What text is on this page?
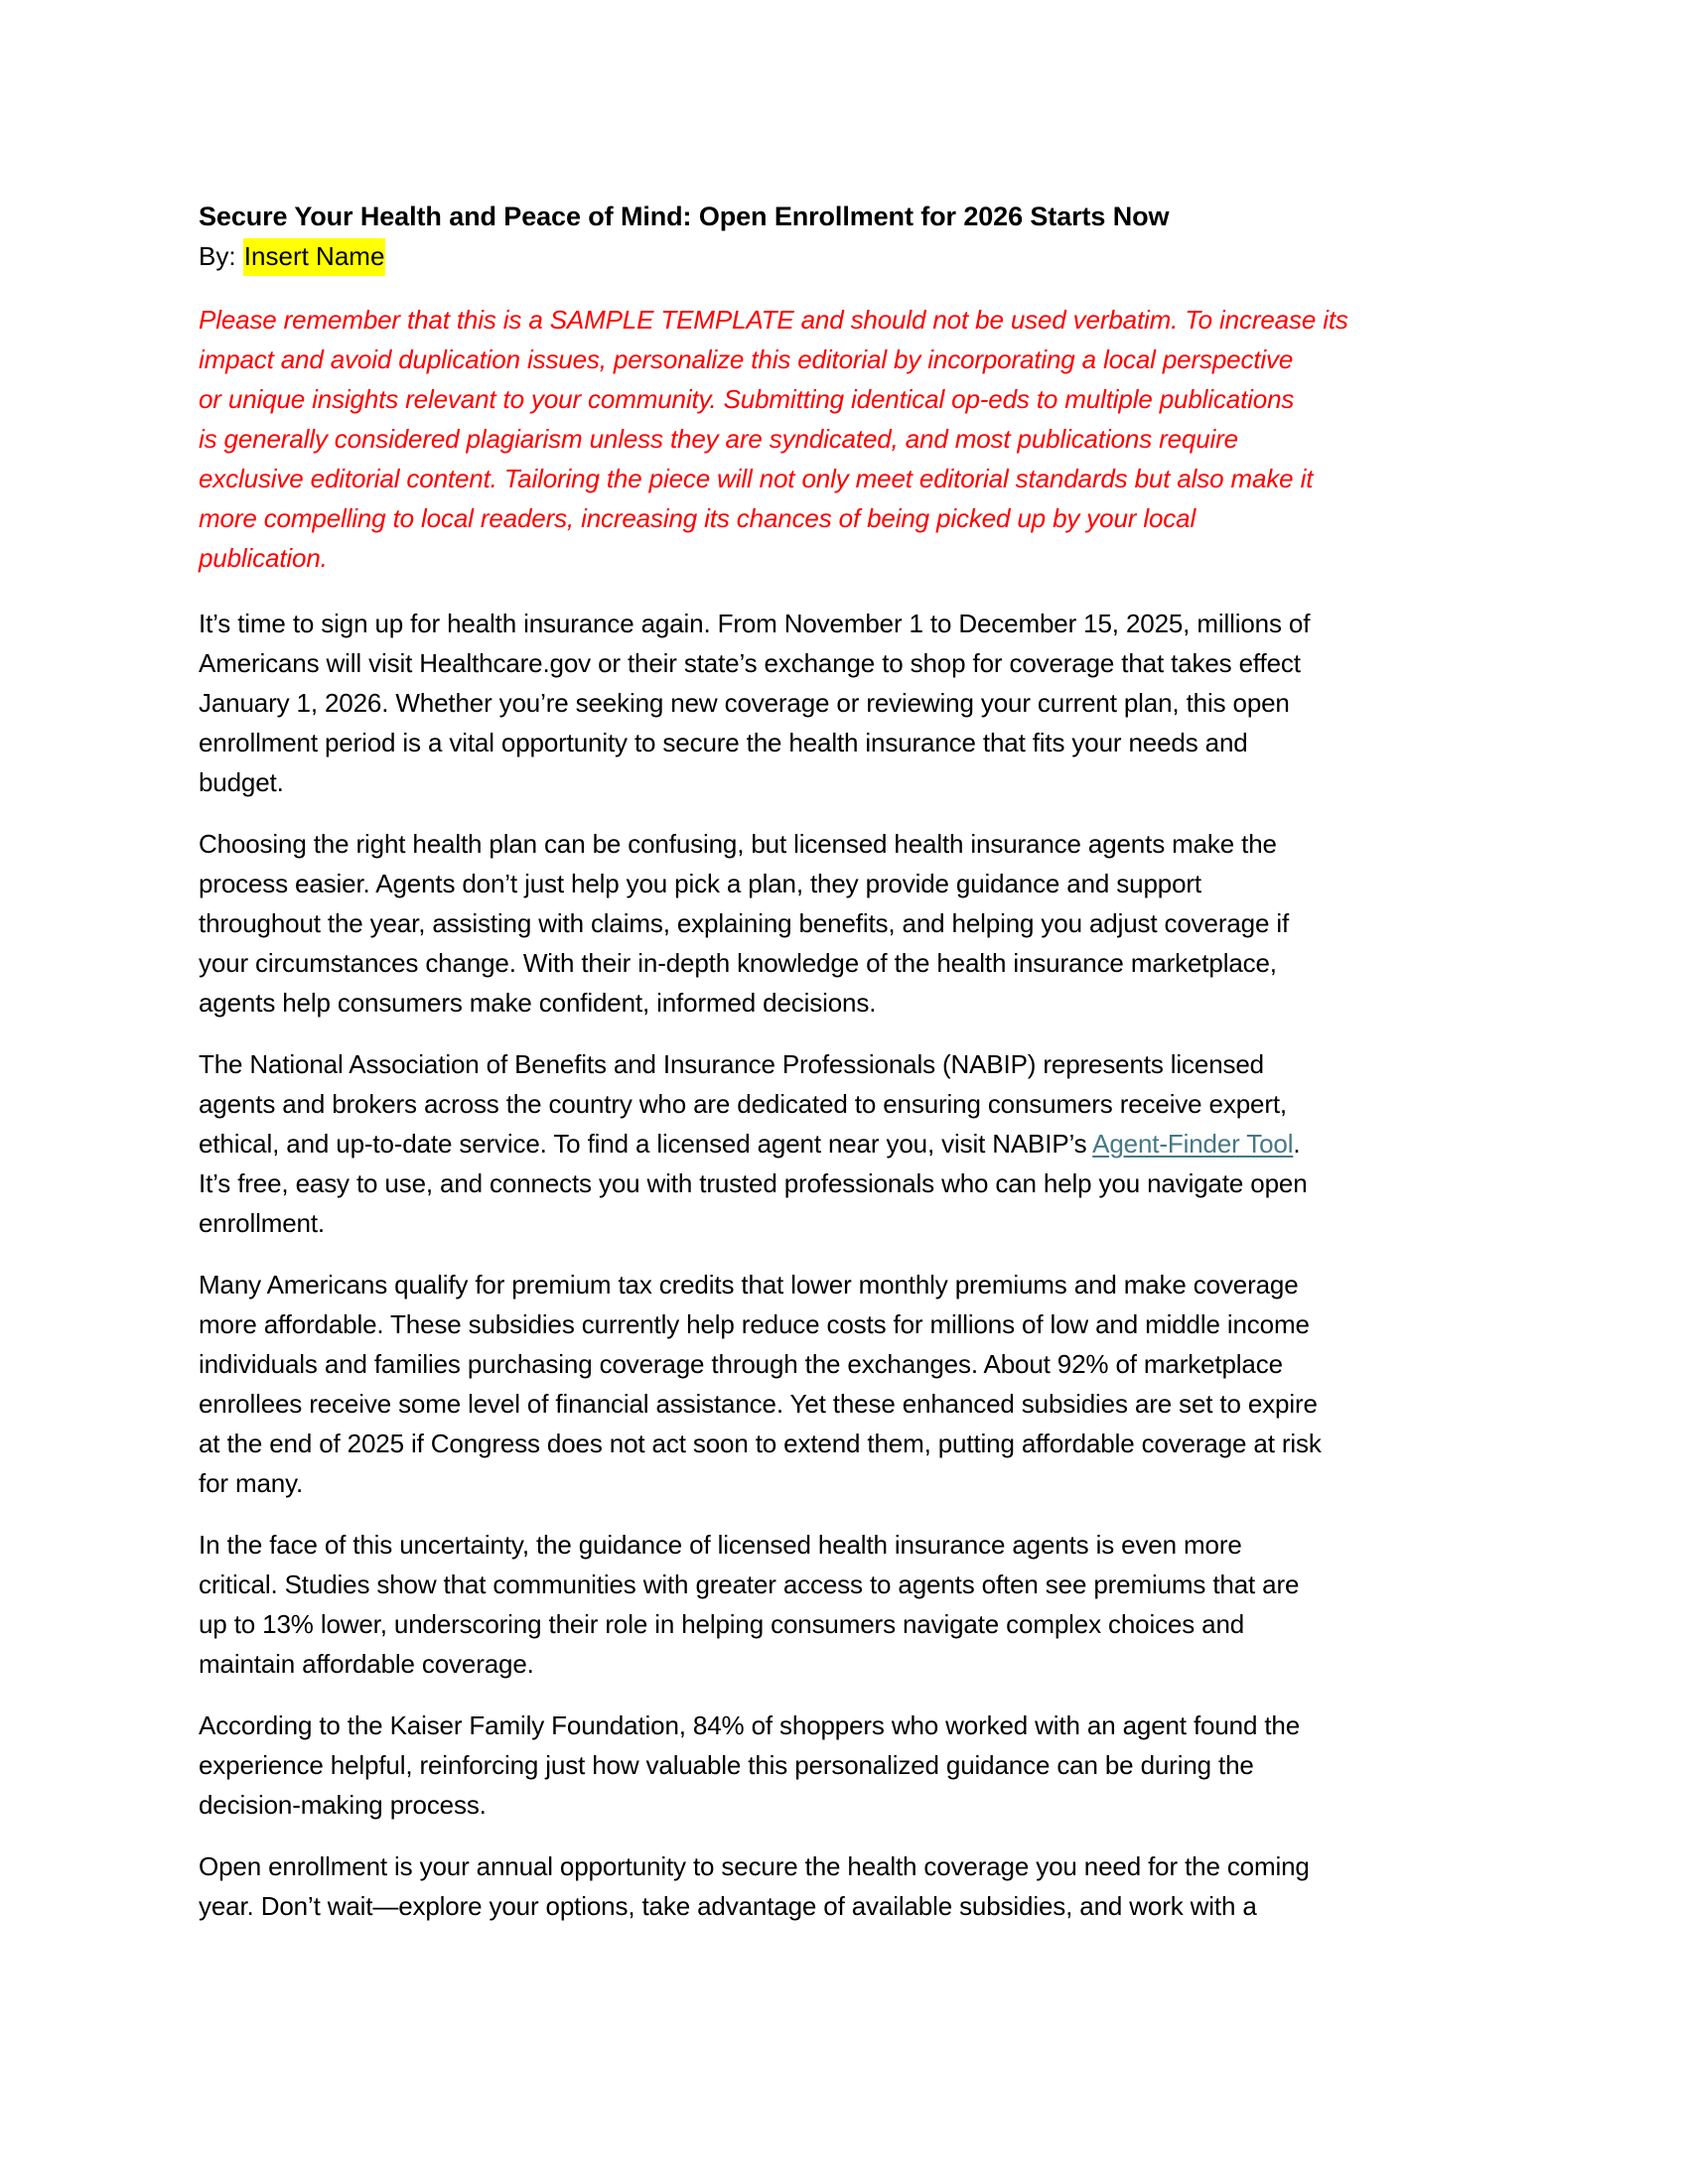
Secure Your Health and Peace of Mind: Open Enrollment for 2026 Starts Now
By: Insert Name
Please remember that this is a SAMPLE TEMPLATE and should not be used verbatim. To increase its
impact and avoid duplication issues, personalize this editorial by incorporating a local perspective
or unique insights relevant to your community. Submitting identical op-eds to multiple publications
is generally considered plagiarism unless they are syndicated, and most publications require
exclusive editorial content. Tailoring the piece will not only meet editorial standards but also make it
more compelling to local readers, increasing its chances of being picked up by your local
publication.
It’s time to sign up for health insurance again. From November 1 to December 15, 2025, millions of
Americans will visit Healthcare.gov or their state’s exchange to shop for coverage that takes effect
January 1, 2026. Whether you’re seeking new coverage or reviewing your current plan, this open
enrollment period is a vital opportunity to secure the health insurance that fits your needs and
budget.
Choosing the right health plan can be confusing, but licensed health insurance agents make the
process easier. Agents don’t just help you pick a plan, they provide guidance and support
throughout the year, assisting with claims, explaining benefits, and helping you adjust coverage if
your circumstances change. With their in-depth knowledge of the health insurance marketplace,
agents help consumers make confident, informed decisions.
The National Association of Benefits and Insurance Professionals (NABIP) represents licensed
agents and brokers across the country who are dedicated to ensuring consumers receive expert,
ethical, and up-to-date service. To find a licensed agent near you, visit NABIP’s Agent-Finder Tool.
It’s free, easy to use, and connects you with trusted professionals who can help you navigate open
enrollment.
Many Americans qualify for premium tax credits that lower monthly premiums and make coverage
more affordable. These subsidies currently help reduce costs for millions of low and middle income
individuals and families purchasing coverage through the exchanges. About 92% of marketplace
enrollees receive some level of financial assistance. Yet these enhanced subsidies are set to expire
at the end of 2025 if Congress does not act soon to extend them, putting affordable coverage at risk
for many.
In the face of this uncertainty, the guidance of licensed health insurance agents is even more
critical. Studies show that communities with greater access to agents often see premiums that are
up to 13% lower, underscoring their role in helping consumers navigate complex choices and
maintain affordable coverage.
According to the Kaiser Family Foundation, 84% of shoppers who worked with an agent found the
experience helpful, reinforcing just how valuable this personalized guidance can be during the
decision-making process.
Open enrollment is your annual opportunity to secure the health coverage you need for the coming
year. Don’t wait—explore your options, take advantage of available subsidies, and work with a
